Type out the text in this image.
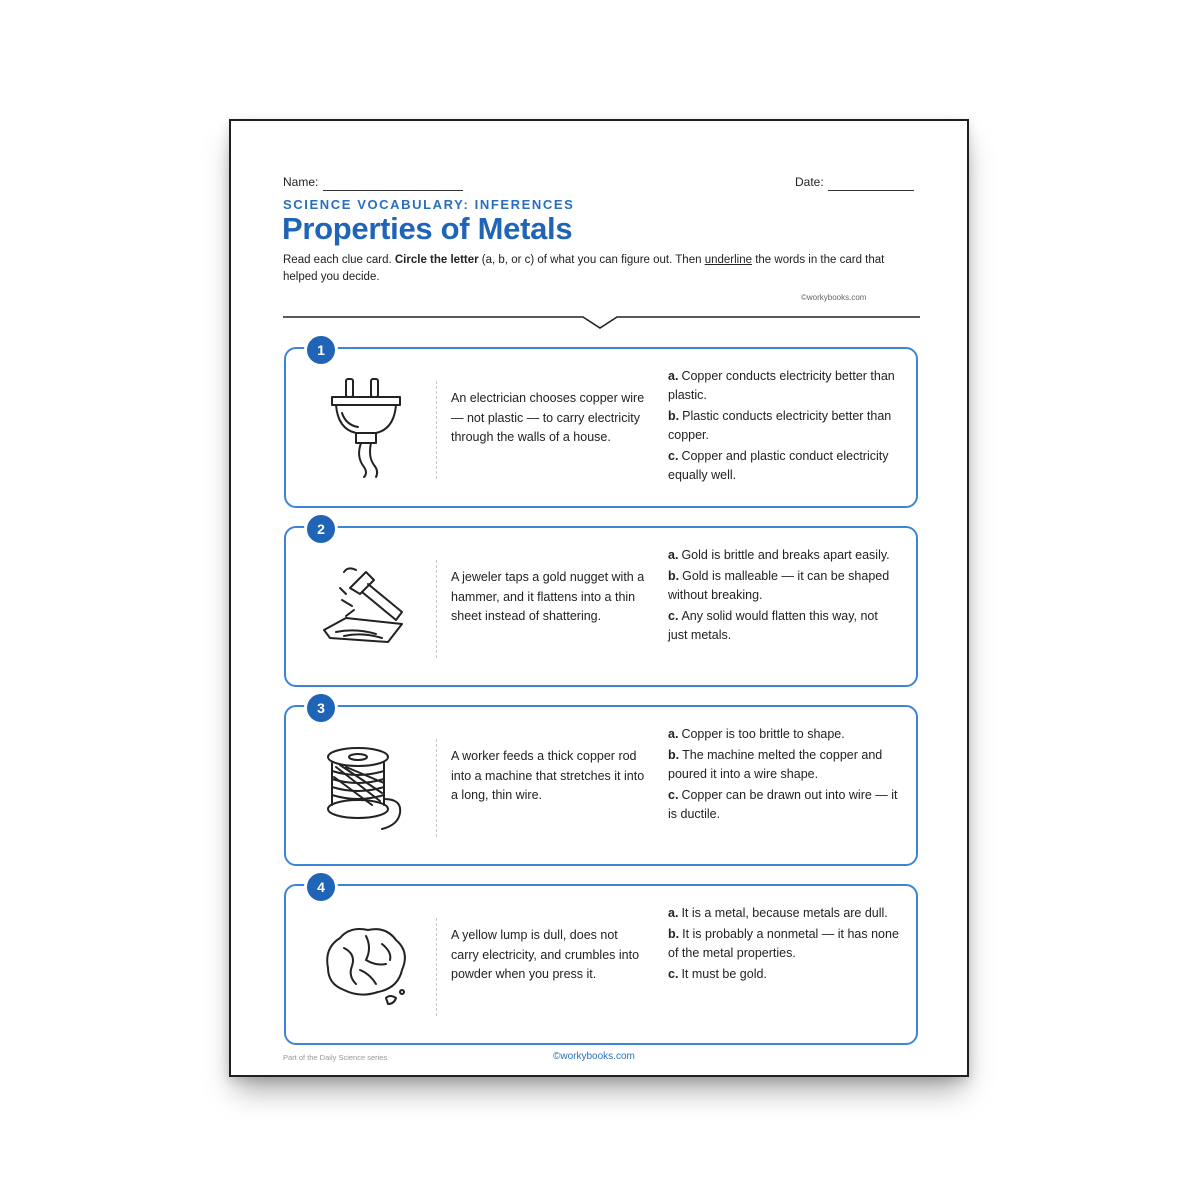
Name:	Date:
SCIENCE VOCABULARY: INFERENCES
Properties of Metals
Read each clue card. Circle the letter (a, b, or c) of what you can figure out. Then underline the words in the card that helped you decide.
©workybooks.com
1
An electrician chooses copper wire — not plastic — to carry electricity through the walls of a house.
a. Copper conducts electricity better than plastic.
b. Plastic conducts electricity better than copper.
c. Copper and plastic conduct electricity equally well.
2
A jeweler taps a gold nugget with a hammer, and it flattens into a thin sheet instead of shattering.
a. Gold is brittle and breaks apart easily.
b. Gold is malleable — it can be shaped without breaking.
c. Any solid would flatten this way, not just metals.
3
A worker feeds a thick copper rod into a machine that stretches it into a long, thin wire.
a. Copper is too brittle to shape.
b. The machine melted the copper and poured it into a wire shape.
c. Copper can be drawn out into wire — it is ductile.
4
A yellow lump is dull, does not carry electricity, and crumbles into powder when you press it.
a. It is a metal, because metals are dull.
b. It is probably a nonmetal — it has none of the metal properties.
c. It must be gold.
Part of the Daily Science series	©workybooks.com
